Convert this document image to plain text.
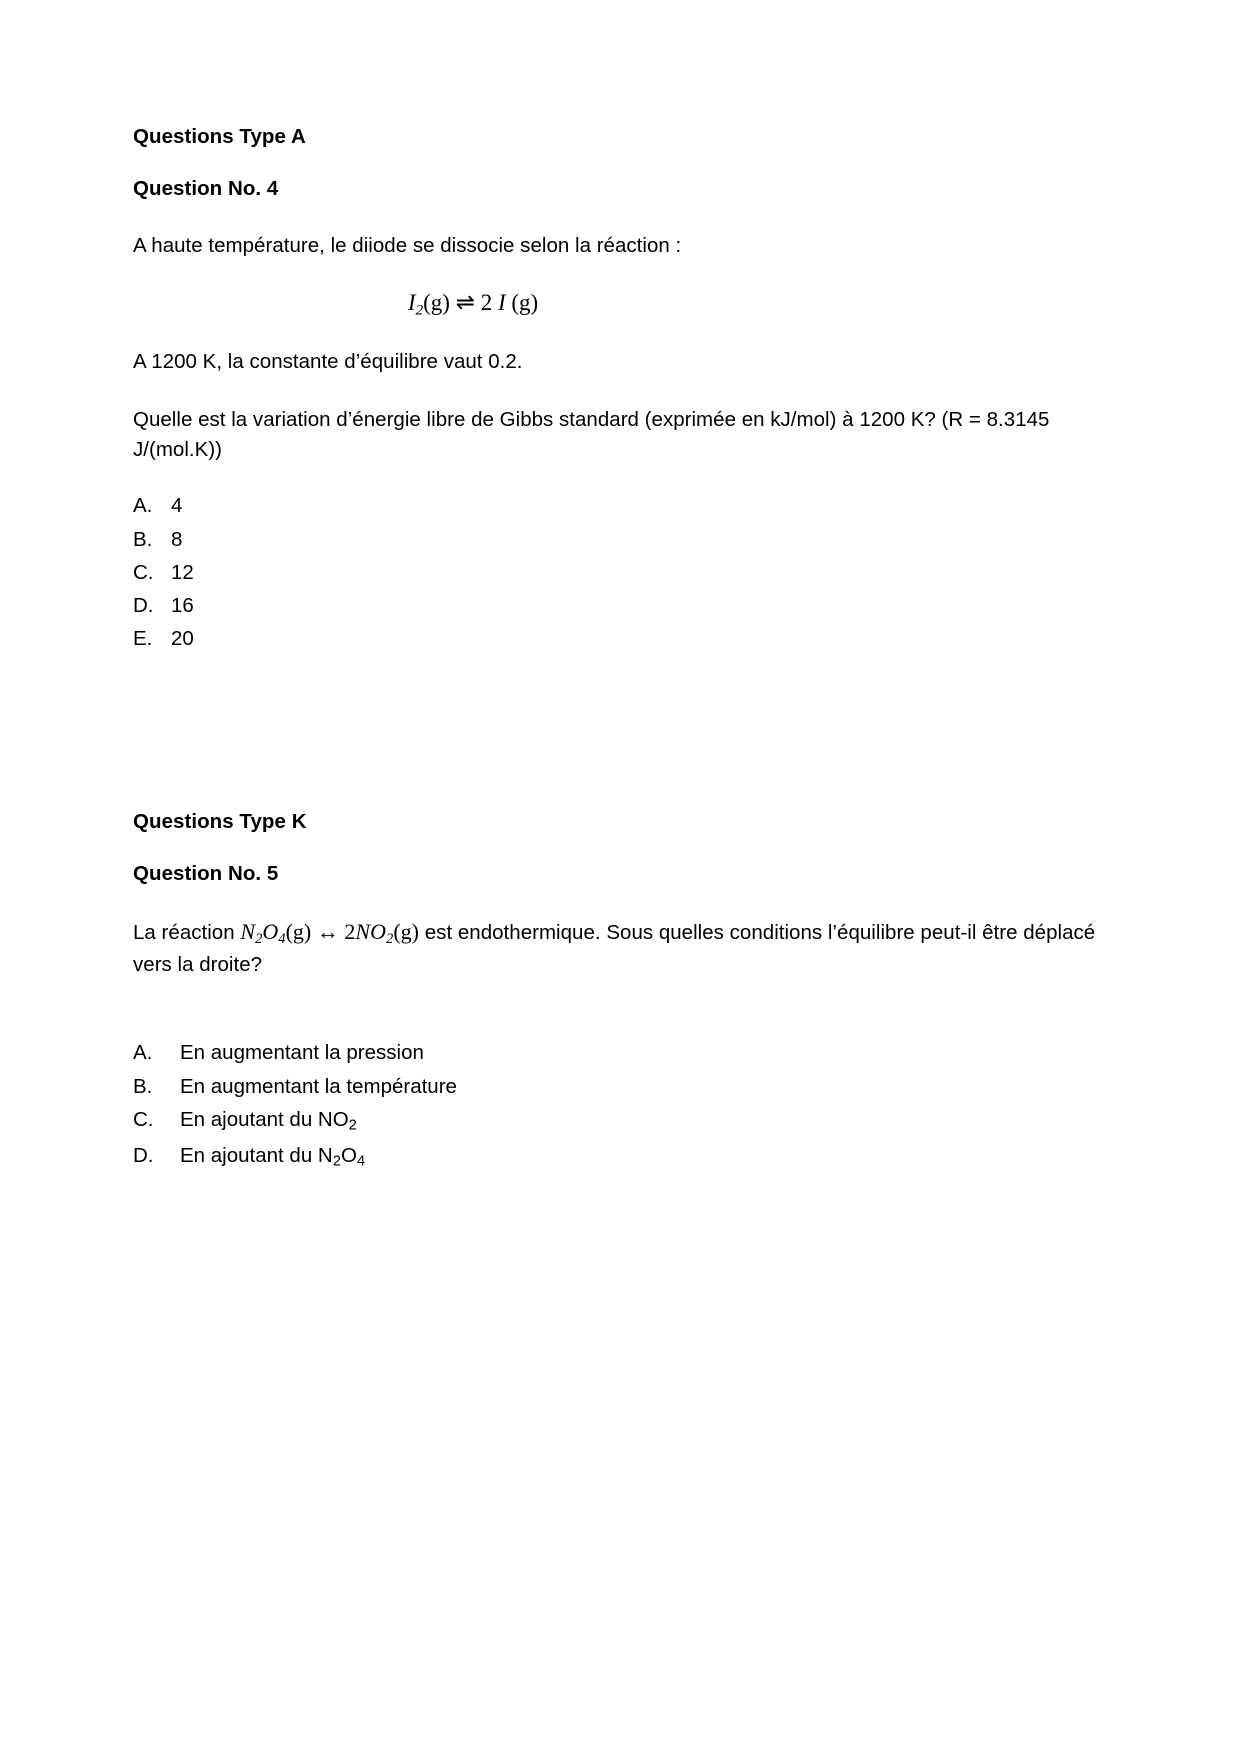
Questions Type A
Question No. 4

A haute température, le diiode se dissocie selon la réaction :

$I_2(g)$ ⇌ 2 I (g)

A 1200 K, la constante d’équilibre vaut 0.2.

Quelle est la variation d’énergie libre de Gibbs standard (exprimée en kJ/mol) à 1200 K? (R = 8.3145 J/(mol.K))

A. 4
B. 8
C. 12
D. 16
E. 20
Questions Type K
Question No. 5

La réaction $N_2O_4(g)$ ↔ $2NO_2(g)$ est endothermique. Sous quelles conditions l’équilibre peut-il être déplacé vers la droite?

A.	En augmentant la pression
B.	En augmentant la température
C.	En ajoutant du $NO_2$
D.	En ajoutant du $N_2O_4$
